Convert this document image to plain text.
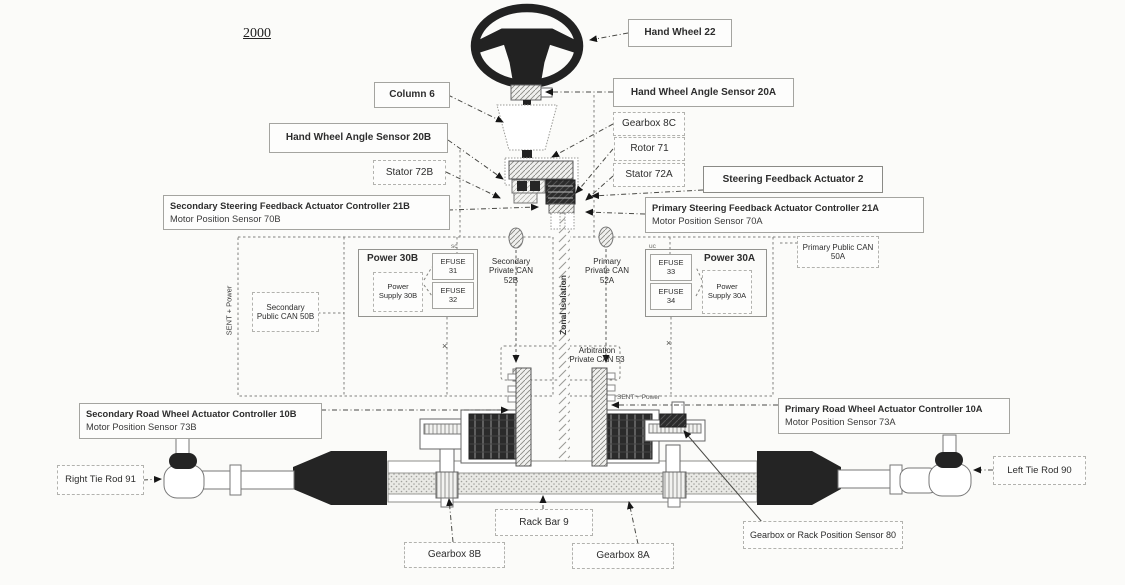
sc	uc
×	×
2000	Hand Wheel 22
Column 6	Hand Wheel Angle Sensor 20A
Hand Wheel Angle Sensor 20B
Gearbox 8C
Rotor 71
Stator 72B	Stator 72A	Steering Feedback Actuator 2
Secondary Steering Feedback Actuator Controller 21B
Motor Position Sensor 70B
Primary Steering Feedback Actuator Controller 21A
Motor Position Sensor 70A
Secondary Road Wheel Actuator Controller 10B
Motor Position Sensor 73B
Primary Road Wheel Actuator Controller 10A
Motor Position Sensor 73A
Power 30B
Power Supply 30B
EFUSE 31
EFUSE 32
Power 30A
Power Supply 30A
EFUSE 33
EFUSE 34
Primary Public CAN 50A
Secondary Public CAN 50B
Secondary Private CAN 52B
Primary Private CAN 52A
Arbitration Private CAN 53
Zonal Isolation
SENT + Power
SENT + Power
Right Tie Rod 91
Left Tie Rod 90
Rack Bar 9
Gearbox 8B	Gearbox 8A
Gearbox or Rack Position Sensor 80
